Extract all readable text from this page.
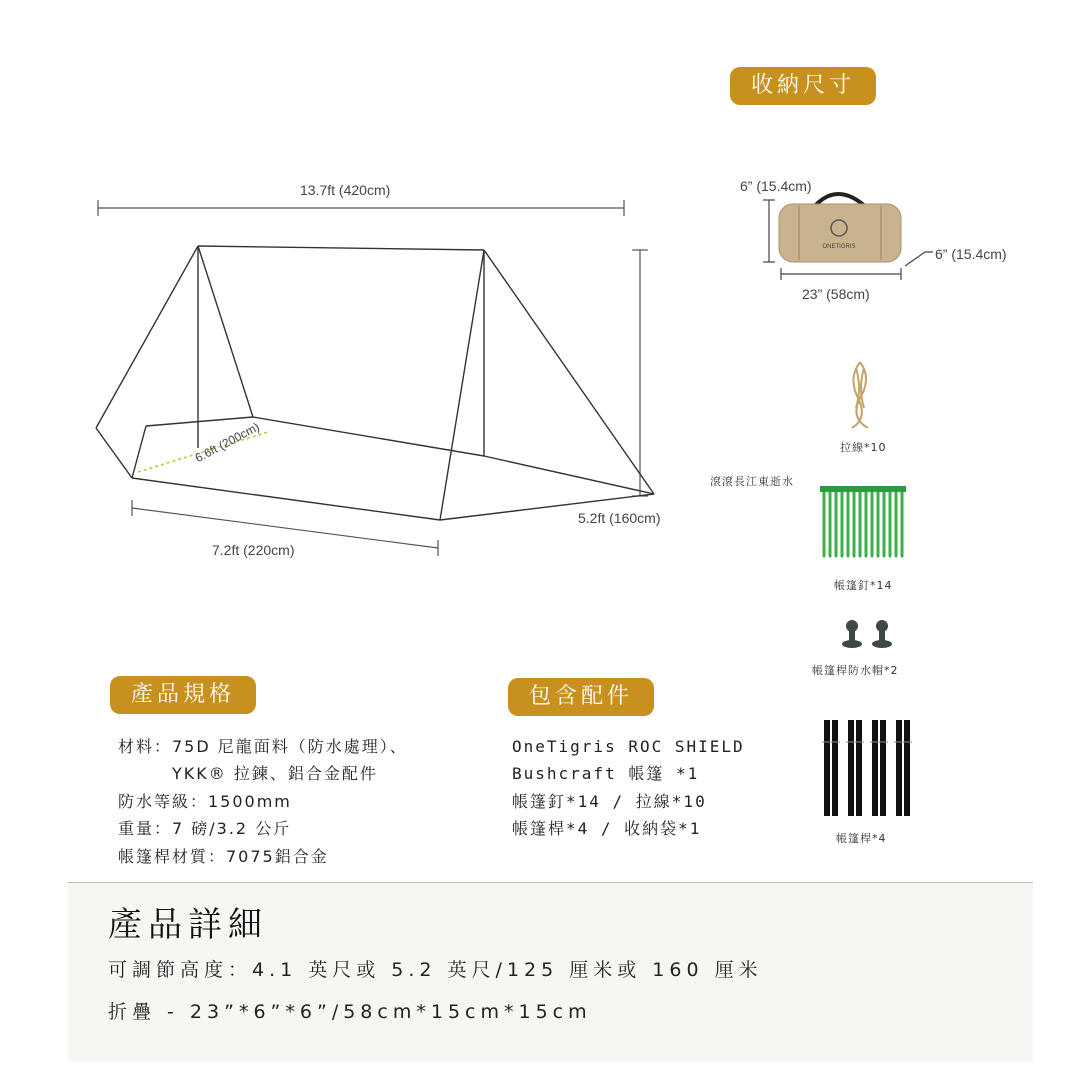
收納尺寸
13.7ft (420cm)
5.2ft (160cm)
7.2ft (220cm)
6.6ft (200cm)
6” (15.4cm)
ONETIGRIS	6” (15.4cm)
23” (58cm)
拉線*10
滾滾長江東逝水
帳篷釘*14
帳篷桿防水帽*2
帳篷桿*4
產品規格
材料：75D 尼龍面料（防水處理）、
　　　YKK® 拉鍊、鋁合金配件
防水等級：1500mm
重量：7 磅/3.2 公斤
帳篷桿材質：7075鋁合金
包含配件
OneTigris ROC SHIELD
Bushcraft 帳篷 *1
帳篷釘*14 / 拉線*10
帳篷桿*4 / 收納袋*1
產品詳細
可調節高度：4.1 英尺或 5.2 英尺/125 厘米或 160 厘米
折疊 - 23”*6”*6”/58cm*15cm*15cm
